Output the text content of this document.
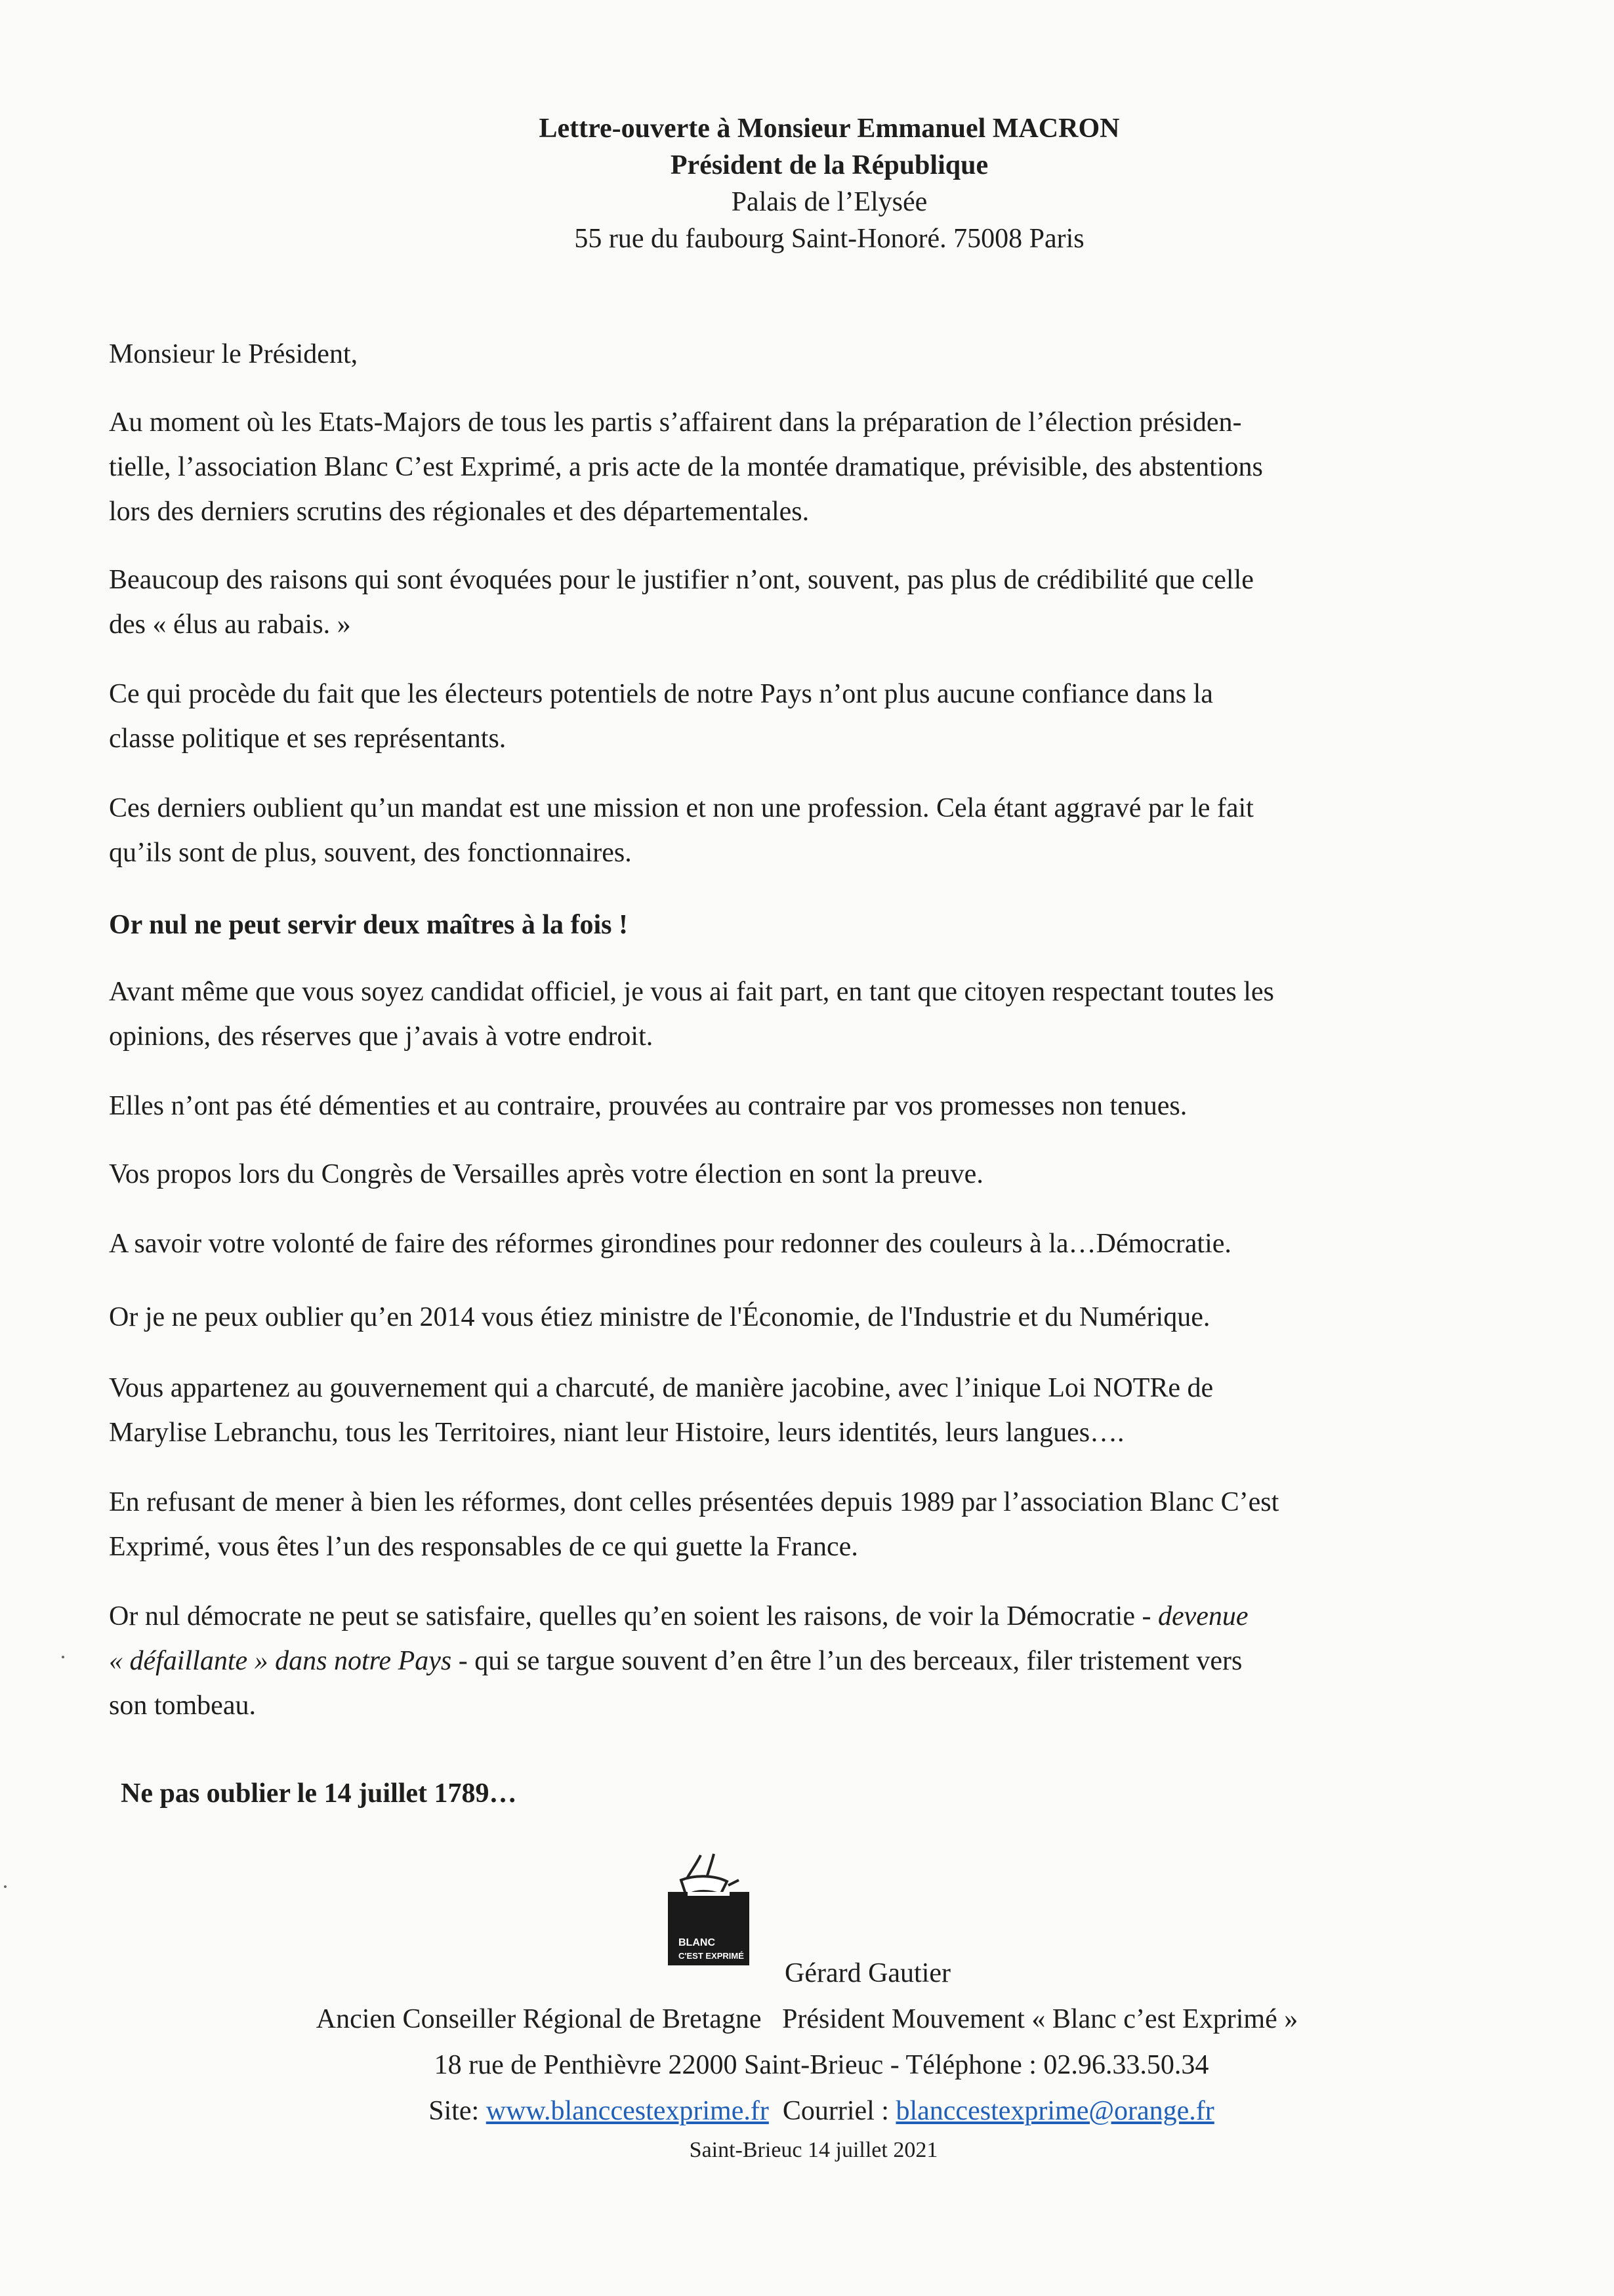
Lettre-ouverte à Monsieur Emmanuel MACRON
Président de la République
Palais de l’Elysée
55 rue du faubourg Saint-Honoré. 75008 Paris
Monsieur le Président,
Au moment où les Etats-Majors de tous les partis s’affairent dans la préparation de l’élection présiden-
tielle, l’association Blanc C’est Exprimé, a pris acte de la montée dramatique, prévisible, des abstentions
lors des derniers scrutins des régionales et des départementales.
Beaucoup des raisons qui sont évoquées pour le justifier n’ont, souvent, pas plus de crédibilité que celle
des « élus au rabais. »
Ce qui procède du fait que les électeurs potentiels de notre Pays n’ont plus aucune confiance dans la
classe politique et ses représentants.
Ces derniers oublient qu’un mandat est une mission et non une profession. Cela étant aggravé par le fait
qu’ils sont de plus, souvent, des fonctionnaires.
Or nul ne peut servir deux maîtres à la fois !
Avant même que vous soyez candidat officiel, je vous ai fait part, en tant que citoyen respectant toutes les
opinions, des réserves que j’avais à votre endroit.
Elles n’ont pas été démenties et au contraire, prouvées au contraire par vos promesses non tenues.
Vos propos lors du Congrès de Versailles après votre élection en sont la preuve.
A savoir votre volonté de faire des réformes girondines pour redonner des couleurs à la…Démocratie.
Or je ne peux oublier qu’en 2014 vous étiez ministre de l'Économie, de l'Industrie et du Numérique.
Vous appartenez au gouvernement qui a charcuté, de manière jacobine, avec l’inique Loi NOTRe de
Marylise Lebranchu, tous les Territoires, niant leur Histoire, leurs identités, leurs langues….
En refusant de mener à bien les réformes, dont celles présentées depuis 1989 par l’association Blanc C’est
Exprimé, vous êtes l’un des responsables de ce qui guette la France.
Or nul démocrate ne peut se satisfaire, quelles qu’en soient les raisons, de voir la Démocratie - devenue
« défaillante » dans notre Pays - qui se targue souvent d’en être l’un des berceaux, filer tristement vers
son tombeau.
Ne pas oublier le 14 juillet 1789…
BLANC
C'EST EXPRIMÉ
Gérard Gautier
Ancien Conseiller Régional de Bretagne Président Mouvement « Blanc c’est Exprimé »
18 rue de Penthièvre 22000 Saint-Brieuc - Téléphone : 02.96.33.50.34
Site: www.blanccestexprime.fr Courriel : blanccestexprime@orange.fr
Saint-Brieuc 14 juillet 2021
